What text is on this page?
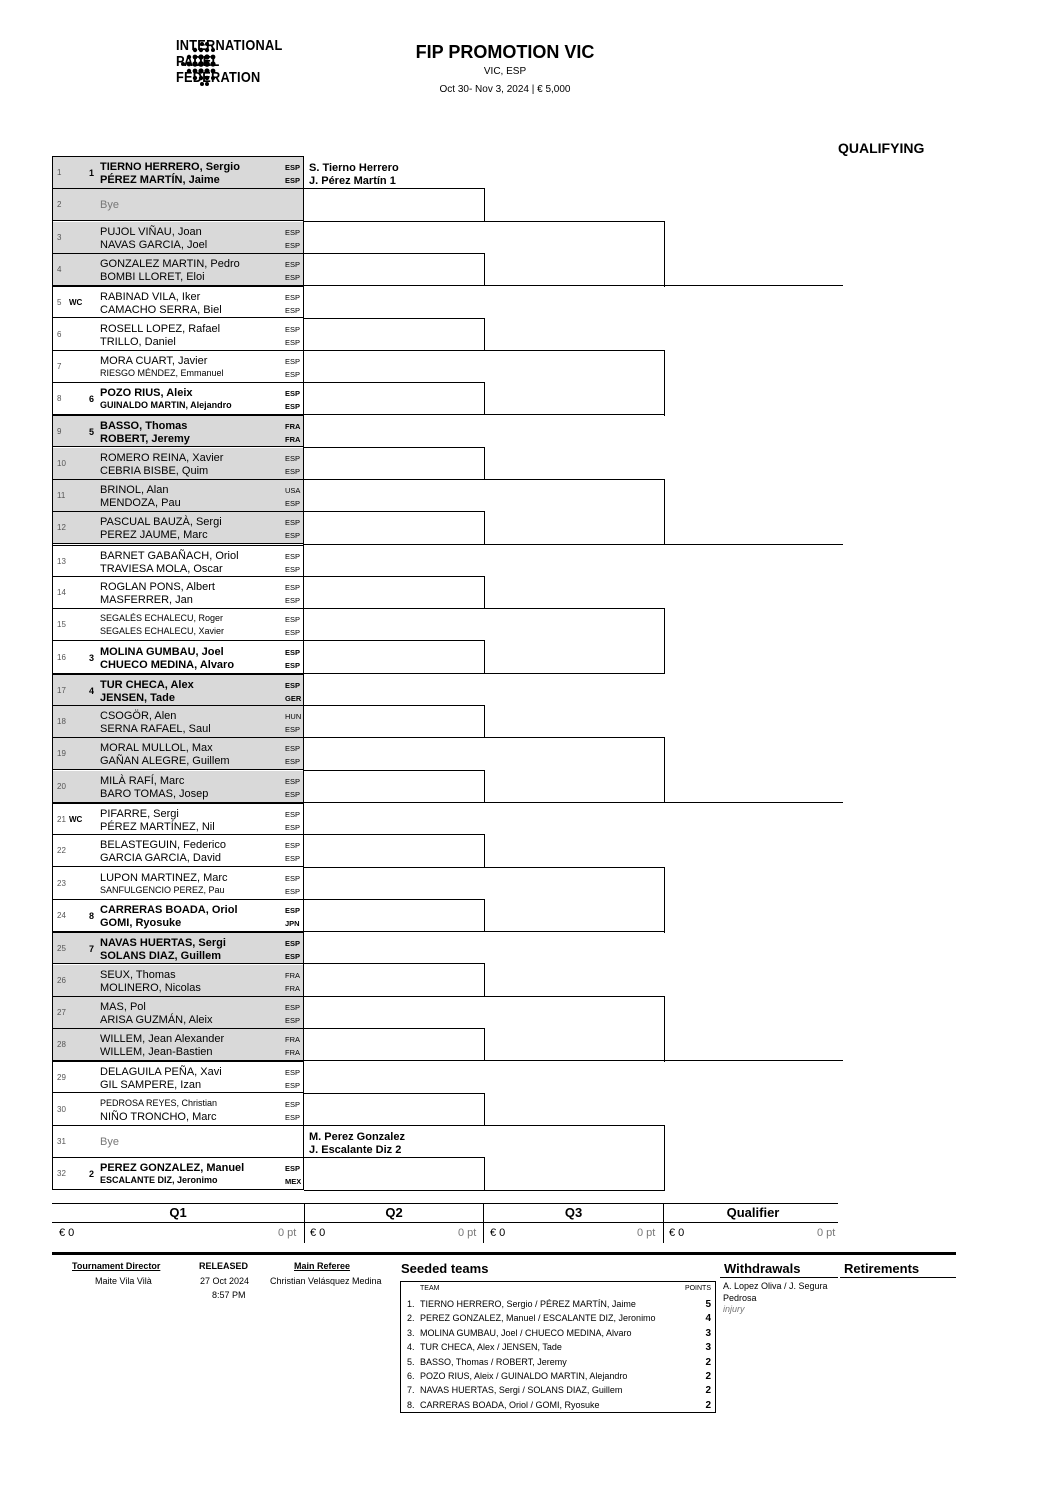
INTERNATIONAL
PADEL
FEDERATION
FIP PROMOTION VIC
VIC, ESP
Oct 30- Nov 3, 2024 | € 5,000
QUALIFYING
1	1 TIERNO HERRERO, Sergio
PÉREZ MARTÍN, Jaime
ESP
ESP
2	Bye
3	PUJOL VIÑAU, Joan
NAVAS GARCIA, Joel
ESP
ESP
4	GONZALEZ MARTIN, Pedro
BOMBI LLORET, Eloi
ESP
ESP
5 WC RABINAD VILA, Iker
CAMACHO SERRA, Biel
ESP
ESP
6	ROSELL LOPEZ, Rafael
TRILLO, Daniel
ESP
ESP
7	MORA CUART, Javier
RIESGO MÉNDEZ, Emmanuel
ESP
ESP
8	6 POZO RIUS, Aleix
GUINALDO MARTIN, Alejandro
ESP
ESP
9	5 BASSO, Thomas
ROBERT, Jeremy
FRA
FRA
10	ROMERO REINA, Xavier
CEBRIA BISBE, Quim
ESP
ESP
11	BRINOL, Alan
MENDOZA, Pau
USA
ESP
12	PASCUAL BAUZÀ, Sergi
PEREZ JAUME, Marc
ESP
ESP
13	BARNET GABAÑACH, Oriol
TRAVIESA MOLA, Oscar
ESP
ESP
14	ROGLAN PONS, Albert
MASFERRER, Jan
ESP
ESP
15
SEGALÉS ECHALECU, Roger
SEGALES ECHALECU, Xavier
ESP
ESP
16	3 MOLINA GUMBAU, Joel
CHUECO MEDINA, Alvaro
ESP
ESP
17	4 TUR CHECA, Alex
JENSEN, Tade
ESP
GER
18	CSOGÖR, Alen
SERNA RAFAEL, Saul
HUN
ESP
19	MORAL MULLOL, Max
GAÑAN ALEGRE, Guillem
ESP
ESP
20	MILÀ RAFÍ, Marc
BARO TOMAS, Josep
ESP
ESP
21 WC PIFARRE, Sergi
PÉREZ MARTÍNEZ, Nil
ESP
ESP
22	BELASTEGUIN, Federico
GARCIA GARCIA, David
ESP
ESP
23	LUPON MARTINEZ, Marc
SANFULGENCIO PEREZ, Pau
ESP
ESP
24	8 CARRERAS BOADA, Oriol
GOMI, Ryosuke
ESP
JPN
25	7 NAVAS HUERTAS, Sergi
SOLANS DIAZ, Guillem
ESP
ESP
26	SEUX, Thomas
MOLINERO, Nicolas
FRA
FRA
27	MAS, Pol
ARISA GUZMÁN, Aleix
ESP
ESP
28	WILLEM, Jean Alexander
WILLEM, Jean-Bastien
FRA
FRA
29	DELAGUILA PEÑA, Xavi
GIL SAMPERE, Izan
ESP
ESP
30
PEDROSA REYES, Christian
NIÑO TRONCHO, Marc
ESP
ESP
31	Bye
32	2 PEREZ GONZALEZ, Manuel
ESCALANTE DIZ, Jeronimo
ESP
MEX
S. Tierno Herrero
J. Pérez Martín 1
M. Perez Gonzalez
J. Escalante Diz 2
Q1	Q2	Q3	Qualifier
€ 0	0 pt € 0	0 pt € 0	0 pt € 0	0 pt
Tournament Director
Maite Vila Vilà
RELEASED
27 Oct 2024
8:57 PM
Main Referee
Christian Velásquez Medina
Seeded teams
TEAM	POINTS
1. TIERNO HERRERO, Sergio / PÉREZ MARTÍN, Jaime	5
2. PEREZ GONZALEZ, Manuel / ESCALANTE DIZ, Jeronimo	4
3. MOLINA GUMBAU, Joel / CHUECO MEDINA, Alvaro	3
4. TUR CHECA, Alex / JENSEN, Tade	3
5. BASSO, Thomas / ROBERT, Jeremy	2
6. POZO RIUS, Aleix / GUINALDO MARTIN, Alejandro	2
7. NAVAS HUERTAS, Sergi / SOLANS DIAZ, Guillem	2
8. CARRERAS BOADA, Oriol / GOMI, Ryosuke	2
Withdrawals
A. Lopez Oliva / J. Segura Pedrosa
injury
Retirements
